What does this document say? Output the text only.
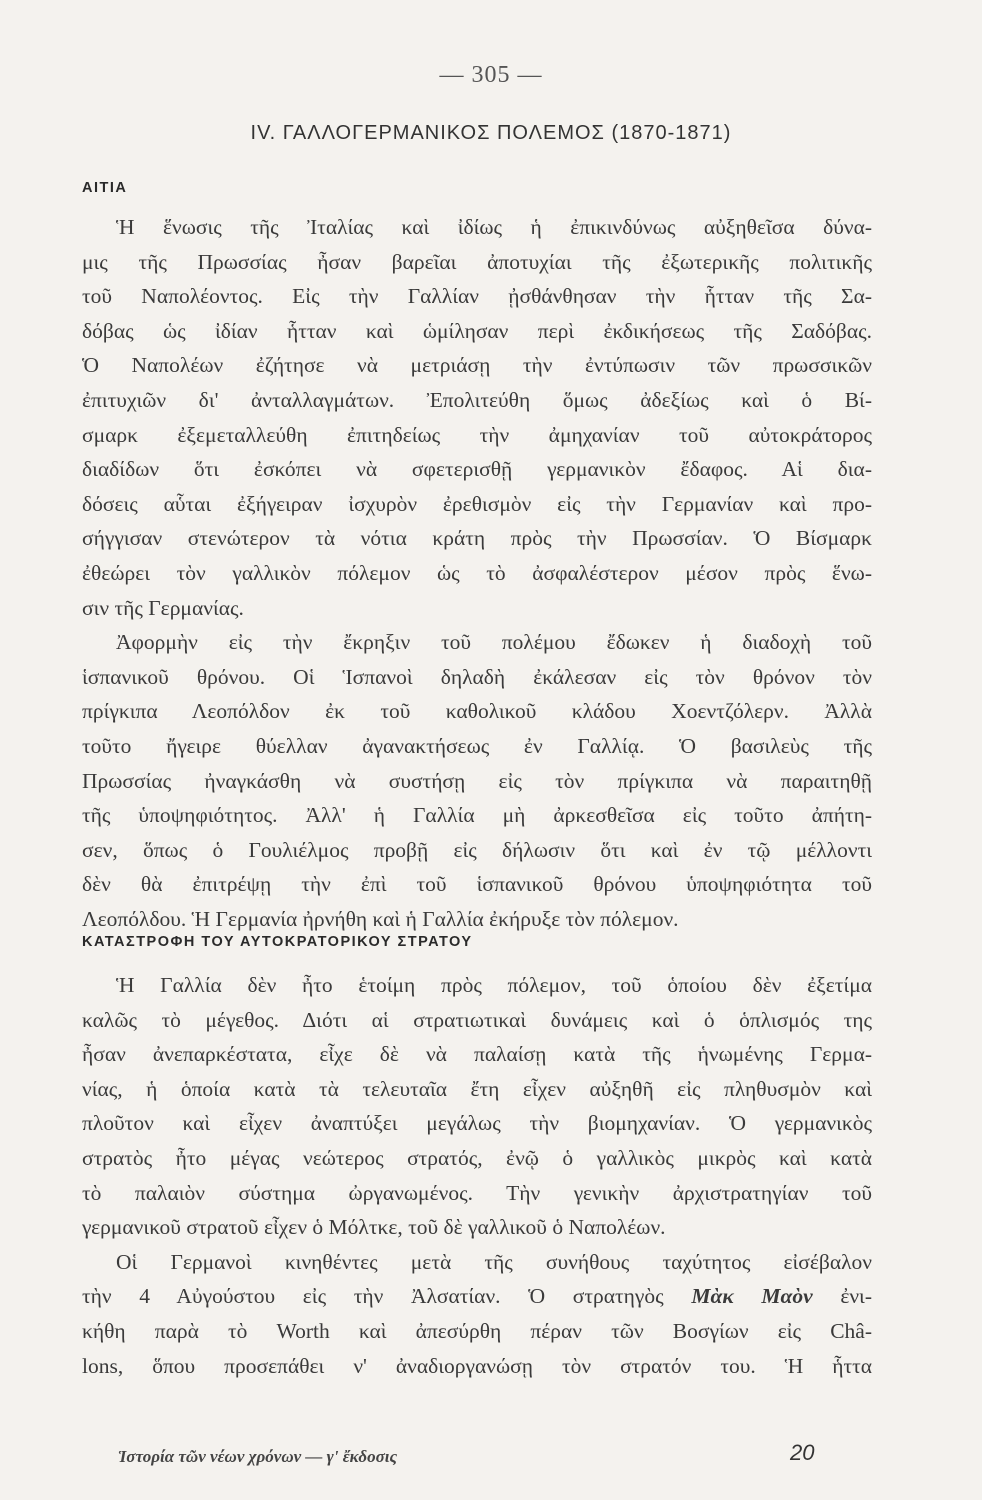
— 305 —
IV. ΓΑΛΛΟΓΕΡΜΑΝΙΚΟΣ ΠΟΛΕΜΟΣ (1870-1871)
ΑΙΤΙΑ
Ἡ ἕνωσις τῆς Ἰταλίας καὶ ἰδίως ἡ ἐπικινδύνως αὐξηθεῖσα δύνα-
μις τῆς Πρωσσίας ἦσαν βαρεῖαι ἀποτυχίαι τῆς ἐξωτερικῆς πολιτικῆς
τοῦ Ναπολέοντος. Εἰς τὴν Γαλλίαν ᾐσθάνθησαν τὴν ἧτταν τῆς Σα-
δόβας ὡς ἰδίαν ἧτταν καὶ ὡμίλησαν περὶ ἐκδικήσεως τῆς Σαδόβας.
Ὁ Ναπολέων ἐζήτησε νὰ μετριάσῃ τὴν ἐντύπωσιν τῶν πρωσσικῶν
ἐπιτυχιῶν δι' ἀνταλλαγμάτων. Ἐπολιτεύθη ὅμως ἀδεξίως καὶ ὁ Βί-
σμαρκ ἐξεμεταλλεύθη ἐπιτηδείως τὴν ἀμηχανίαν τοῦ αὐτοκράτορος
διαδίδων ὅτι ἐσκόπει νὰ σφετερισθῇ γερμανικὸν ἔδαφος. Αἱ δια-
δόσεις αὗται ἐξήγειραν ἰσχυρὸν ἐρεθισμὸν εἰς τὴν Γερμανίαν καὶ προ-
σήγγισαν στενώτερον τὰ νότια κράτη πρὸς τὴν Πρωσσίαν. Ὁ Βίσμαρκ
ἐθεώρει τὸν γαλλικὸν πόλεμον ὡς τὸ ἀσφαλέστερον μέσον πρὸς ἕνω-
σιν τῆς Γερμανίας.
Ἀφορμὴν εἰς τὴν ἔκρηξιν τοῦ πολέμου ἔδωκεν ἡ διαδοχὴ τοῦ
ἱσπανικοῦ θρόνου. Οἱ Ἱσπανοὶ δηλαδὴ ἐκάλεσαν εἰς τὸν θρόνον τὸν
πρίγκιπα Λεοπόλδον ἐκ τοῦ καθολικοῦ κλάδου Χοεντζόλερν. Ἀλλὰ
τοῦτο ἤγειρε θύελλαν ἀγανακτήσεως ἐν Γαλλίᾳ. Ὁ βασιλεὺς τῆς
Πρωσσίας ἠναγκάσθη νὰ συστήσῃ εἰς τὸν πρίγκιπα νὰ παραιτηθῇ
τῆς ὑποψηφιότητος. Ἀλλ' ἡ Γαλλία μὴ ἀρκεσθεῖσα εἰς τοῦτο ἀπήτη-
σεν, ὅπως ὁ Γουλιέλμος προβῇ εἰς δήλωσιν ὅτι καὶ ἐν τῷ μέλλοντι
δὲν θὰ ἐπιτρέψῃ τὴν ἐπὶ τοῦ ἱσπανικοῦ θρόνου ὑποψηφιότητα τοῦ
Λεοπόλδου. Ἡ Γερμανία ἠρνήθη καὶ ἡ Γαλλία ἐκήρυξε τὸν πόλεμον.
ΚΑΤΑΣΤΡΟΦΗ ΤΟΥ ΑΥΤΟΚΡΑΤΟΡΙΚΟΥ ΣΤΡΑΤΟΥ
Ἡ Γαλλία δὲν ἦτο ἑτοίμη πρὸς πόλεμον, τοῦ ὁποίου δὲν ἐξετίμα
καλῶς τὸ μέγεθος. Διότι αἱ στρατιωτικαὶ δυνάμεις καὶ ὁ ὁπλισμός της
ἦσαν ἀνεπαρκέστατα, εἶχε δὲ νὰ παλαίσῃ κατὰ τῆς ἡνωμένης Γερμα-
νίας, ἡ ὁποία κατὰ τὰ τελευταῖα ἔτη εἶχεν αὐξηθῆ εἰς πληθυσμὸν καὶ
πλοῦτον καὶ εἶχεν ἀναπτύξει μεγάλως τὴν βιομηχανίαν. Ὁ γερμανικὸς
στρατὸς ἦτο μέγας νεώτερος στρατός, ἐνῷ ὁ γαλλικὸς μικρὸς καὶ κατὰ
τὸ παλαιὸν σύστημα ὠργανωμένος. Τὴν γενικὴν ἀρχιστρατηγίαν τοῦ
γερμανικοῦ στρατοῦ εἶχεν ὁ Μόλτκε, τοῦ δὲ γαλλικοῦ ὁ Ναπολέων.
Οἱ Γερμανοὶ κινηθέντες μετὰ τῆς συνήθους ταχύτητος εἰσέβαλον
τὴν 4 Αὐγούστου εἰς τὴν Ἀλσατίαν. Ὁ στρατηγὸς Μὰκ Μαὸν ἐνι-
κήθη παρὰ τὸ Worth καὶ ἀπεσύρθη πέραν τῶν Βοσγίων εἰς Châ-
lons, ὅπου προσεπάθει ν' ἀναδιοργανώσῃ τὸν στρατόν του. Ἡ ἧττα
Ἱστορία τῶν νέων χρόνων — γ' ἔκδοσις	20
